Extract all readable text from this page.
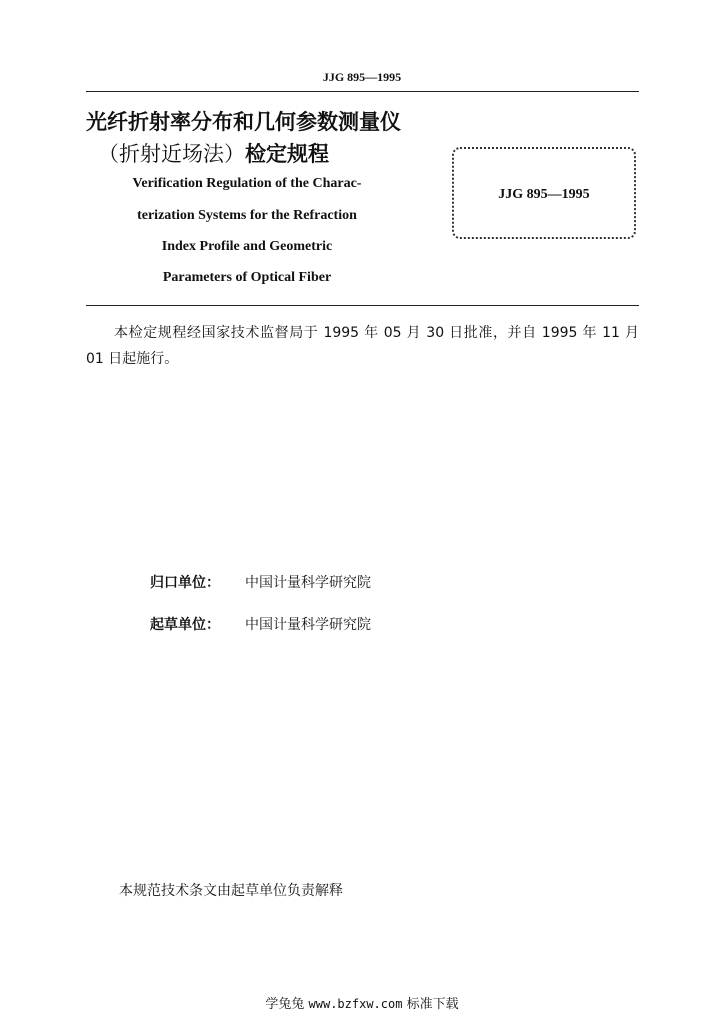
JJG 895—1995
光纤折射率分布和几何参数测量仪
（折射近场法）检定规程
Verification Regulation of the Charac-
terization Systems for the Refraction
Index Profile and Geometric
Parameters of Optical Fiber
JJG 895—1995
本检定规程经国家技术监督局于 1995 年 05 月 30 日批准，并自 1995 年 11 月 01 日起施行。
归口单位： 中国计量科学研究院
起草单位： 中国计量科学研究院
本规范技术条文由起草单位负责解释
学兔兔 www.bzfxw.com 标准下载
